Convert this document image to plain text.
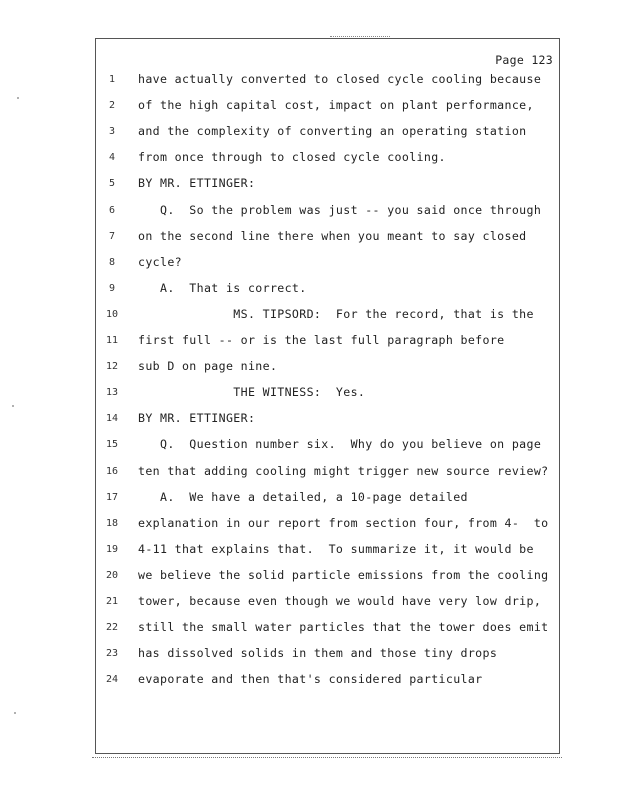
Page 123
1	have actually converted to closed cycle cooling because
2	of the high capital cost, impact on plant performance,
3	and the complexity of converting an operating station
4	from once through to closed cycle cooling.
5	BY MR. ETTINGER:
6	Q.  So the problem was just -- you said once through
7	on the second line there when you meant to say closed
8	cycle?
9	A.  That is correct.
10	MS. TIPSORD:  For the record, that is the
11	first full -- or is the last full paragraph before
12	sub D on page nine.
13	THE WITNESS:  Yes.
14	BY MR. ETTINGER:
15	Q.  Question number six.  Why do you believe on page
16	ten that adding cooling might trigger new source review?
17	A.  We have a detailed, a 10-page detailed
18	explanation in our report from section four, from 4-  to
19	4-11 that explains that.  To summarize it, it would be
20	we believe the solid particle emissions from the cooling
21	tower, because even though we would have very low drip,
22	still the small water particles that the tower does emit
23	has dissolved solids in them and those tiny drops
24	evaporate and then that's considered particular
